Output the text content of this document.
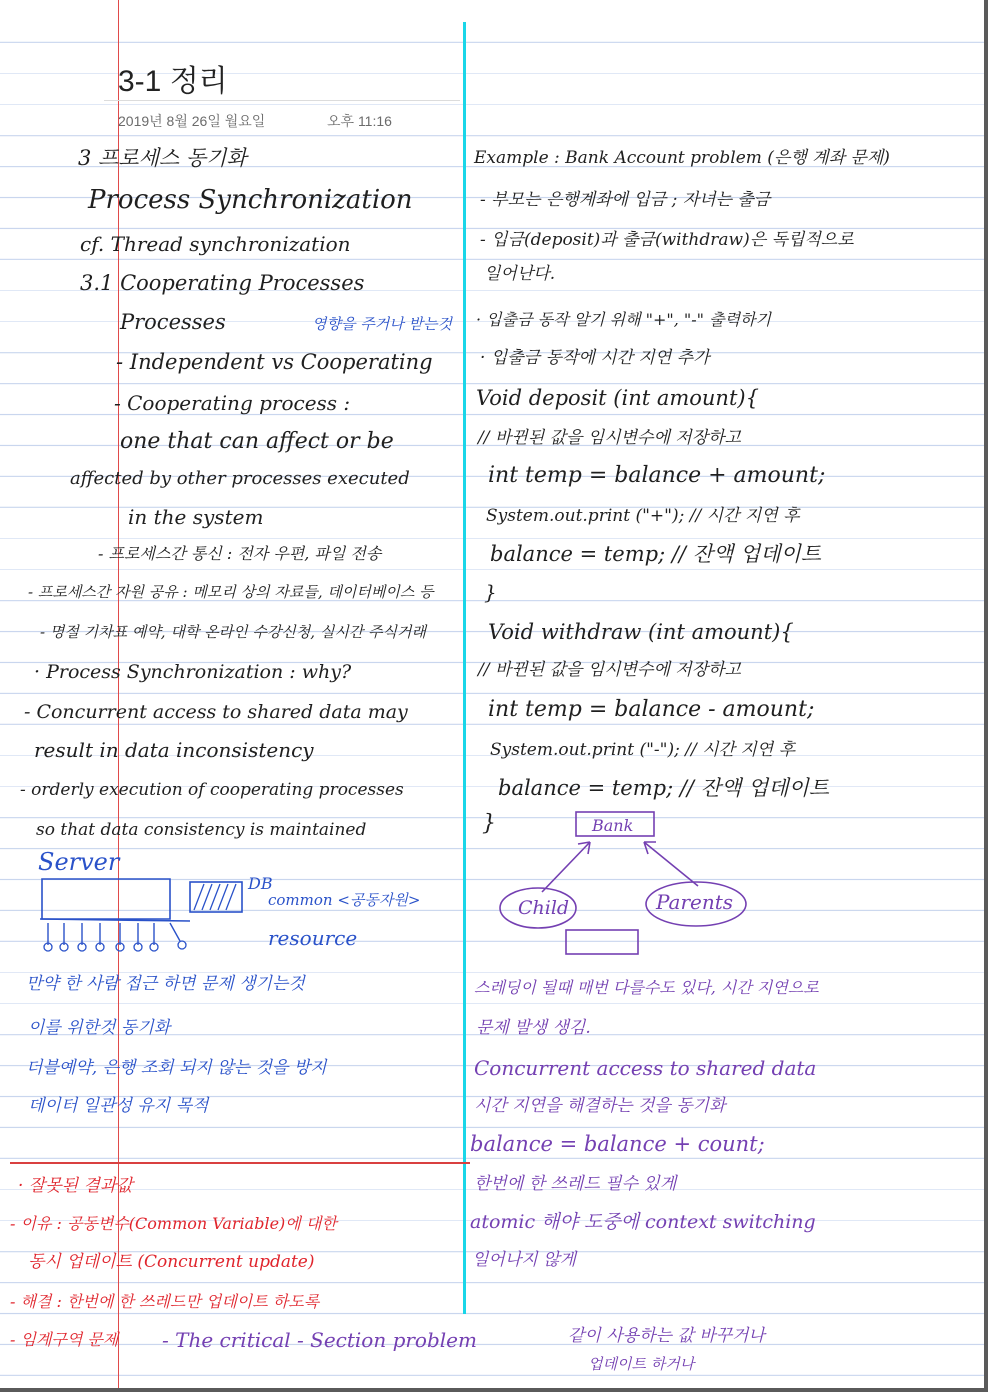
3-1 정리
2019년 8월 26일 월요일	오후 11:16

3 프로세스 동기화

Process Synchronization

cf. Thread synchronization

3.1 Cooperating Processes

Processes	영향을 주거나 받는것

- Independent vs Cooperating

- Cooperating process :

one that can affect or be

affected by other processes executed

in the system

- 프로세스간 통신 : 전자 우편, 파일 전송

- 프로세스간 자원 공유 : 메모리 상의 자료들, 데이터베이스 등

- 명절 기차표 예약, 대학 온라인 수강신청, 실시간 주식거래

· Process Synchronization : why?

- Concurrent access to shared data may

result in data inconsistency

- orderly execution of cooperating processes

so that data consistency is maintained

Server

DB

common <공동자원>

resource

만약 한 사람 접근 하면 문제 생기는것

이를 위한것 동기화

더블예약, 은행 조회 되지 않는 것을 방지

데이터 일관성 유지 목적

· 잘못된 결과값

- 이유 : 공동변수(Common Variable)에 대한

동시 업데이트 (Concurrent update)

- 해결 : 한번에 한 쓰레드만 업데이트 하도록

- 임계구역 문제 - The critical - Section problem	같이 사용하는 값 바꾸거나

업데이트 하거나

Example : Bank Account problem (은행 계좌 문제)

- 부모는 은행계좌에 입금 ; 자녀는 출금

- 입금(deposit)과 출금(withdraw)은 독립적으로

일어난다.

· 입출금 동작 알기 위해 "+", "-" 출력하기

· 입출금 동작에 시간 지연 추가

Void deposit (int amount){

// 바뀐된 값을 임시변수에 저장하고

int temp = balance + amount;

System.out.print ("+"); // 시간 지연 후

balance = temp; // 잔액 업데이트

}

Void withdraw (int amount){

// 바뀐된 값을 임시변수에 저장하고

int temp = balance - amount;

System.out.print ("-"); // 시간 지연 후

balance = temp; // 잔액 업데이트

}	Bank

Child	Parents

스레딩이 될때 매번 다를수도 있다, 시간 지연으로

문제 발생 생김.

Concurrent access to shared data

시간 지연을 해결하는 것을 동기화

balance = balance + count;

한번에 한 쓰레드 필수 있게

atomic 해야 도중에 context switching

일어나지 않게
